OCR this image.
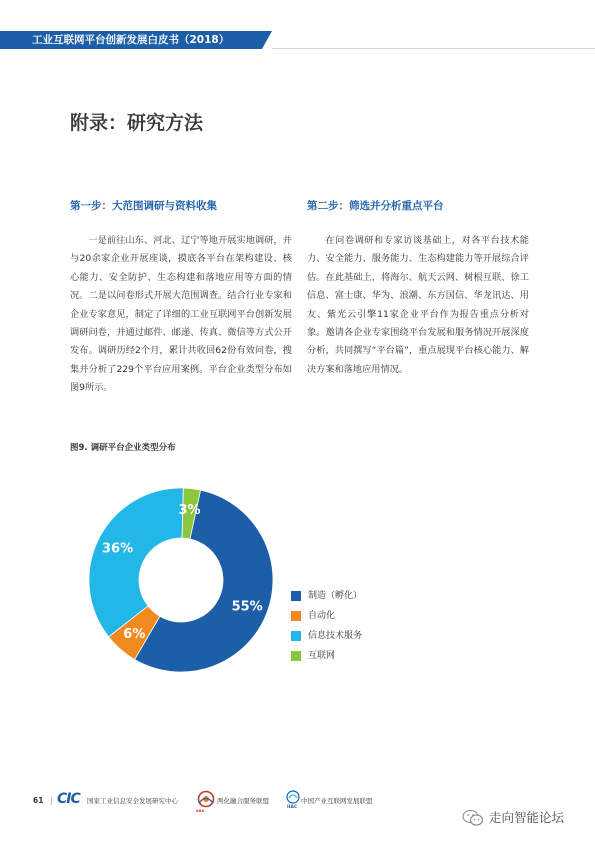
工业互联网平台创新发展白皮书（2018）
附录：研究方法
第一步：大范围调研与资料收集	第二步：筛选并分析重点平台

一是前往山东、河北、辽宁等地开展实地调研，并与20余家企业开展座谈，摸底各平台在架构建设、核心能力、安全防护、生态构建和落地应用等方面的情况。二是以问卷形式开展大范围调查。结合行业专家和企业专家意见，制定了详细的工业互联网平台创新发展调研问卷，并通过邮件、邮递、传真、微信等方式公开发布。调研历经2个月，累计共收回62份有效问卷，搜集并分析了229个平台应用案例。平台企业类型分布如图9所示。

在问卷调研和专家访谈基础上，对各平台技术能力、安全能力、服务能力、生态构建能力等开展综合评估。在此基础上，将海尔、航天云网、树根互联、徐工信息、富士康、华为、浪潮、东方国信、华龙讯达、用友、紫光云引擎11家企业平台作为报告重点分析对象。邀请各企业专家围绕平台发展和服务情况开展深度分析，共同撰写“平台篇”，重点展现平台核心能力、解决方案和落地应用情况。

图9. 调研平台企业类型分布
55%
6%
36%
3%
制造（孵化）
自动化
信息技术服务
互联网
61 | CIC 国家工业信息安全发展研究中心
AIIA
两化融合服务联盟
IIAC
中国产业互联网发展联盟
走向智能论坛
